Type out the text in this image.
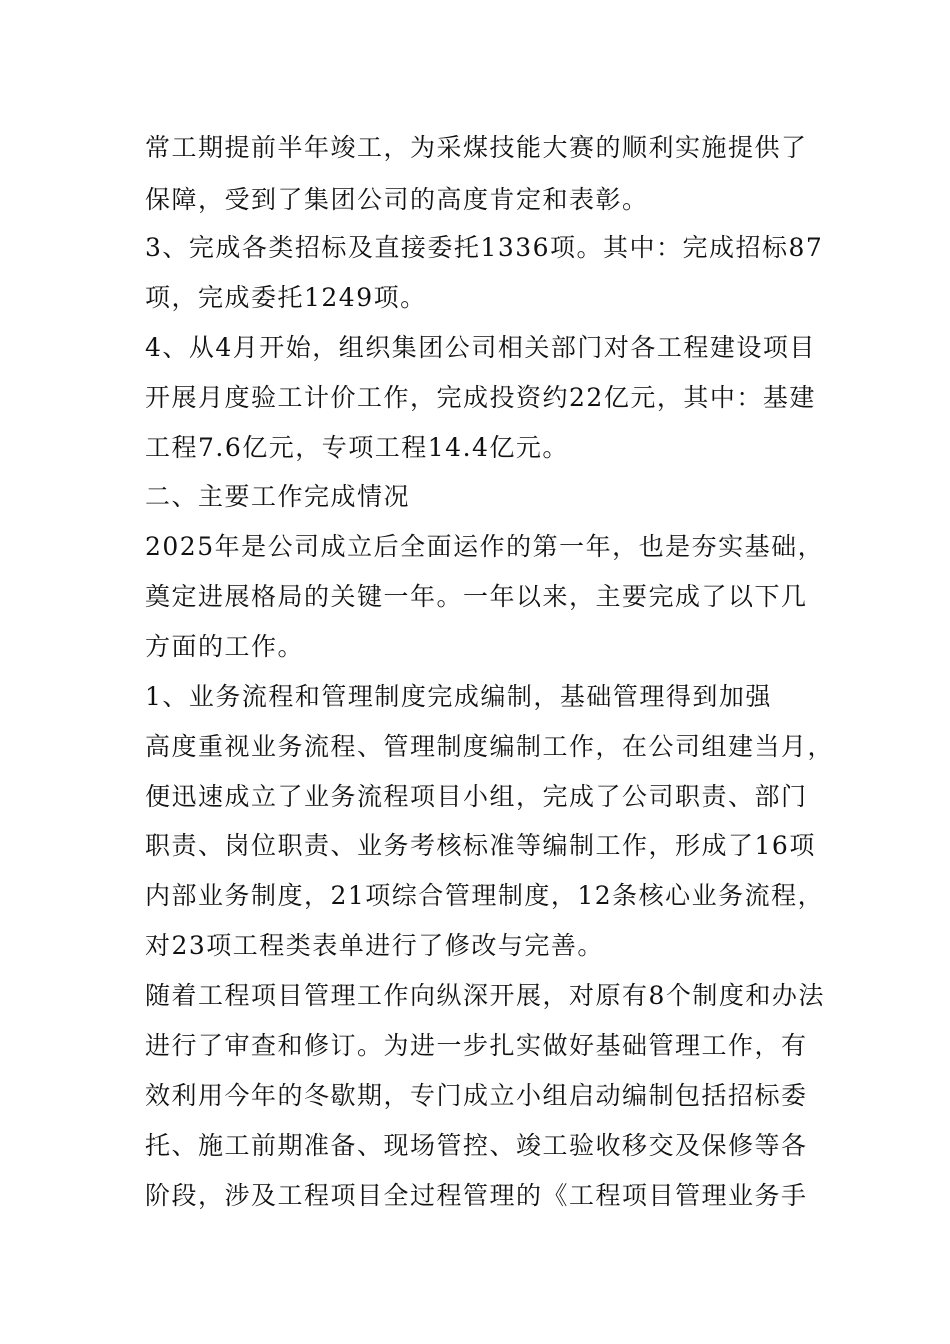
常工期提前半年竣工，为采煤技能大赛的顺利实施提供了

保障，受到了集团公司的高度肯定和表彰。

3、完成各类招标及直接委托1336项。其中：完成招标87

项，完成委托1249项。

4、从4月开始，组织集团公司相关部门对各工程建设项目

开展月度验工计价工作，完成投资约22亿元，其中：基建

工程7.6亿元，专项工程14.4亿元。

二、主要工作完成情况

2025年是公司成立后全面运作的第一年，也是夯实基础，

奠定进展格局的关键一年。一年以来，主要完成了以下几

方面的工作。

1、业务流程和管理制度完成编制，基础管理得到加强

高度重视业务流程、管理制度编制工作，在公司组建当月，

便迅速成立了业务流程项目小组，完成了公司职责、部门

职责、岗位职责、业务考核标准等编制工作，形成了16项

内部业务制度，21项综合管理制度，12条核心业务流程，

对23项工程类表单进行了修改与完善。

随着工程项目管理工作向纵深开展，对原有8个制度和办法

进行了审查和修订。为进一步扎实做好基础管理工作，有

效利用今年的冬歇期，专门成立小组启动编制包括招标委

托、施工前期准备、现场管控、竣工验收移交及保修等各

阶段，涉及工程项目全过程管理的《工程项目管理业务手
